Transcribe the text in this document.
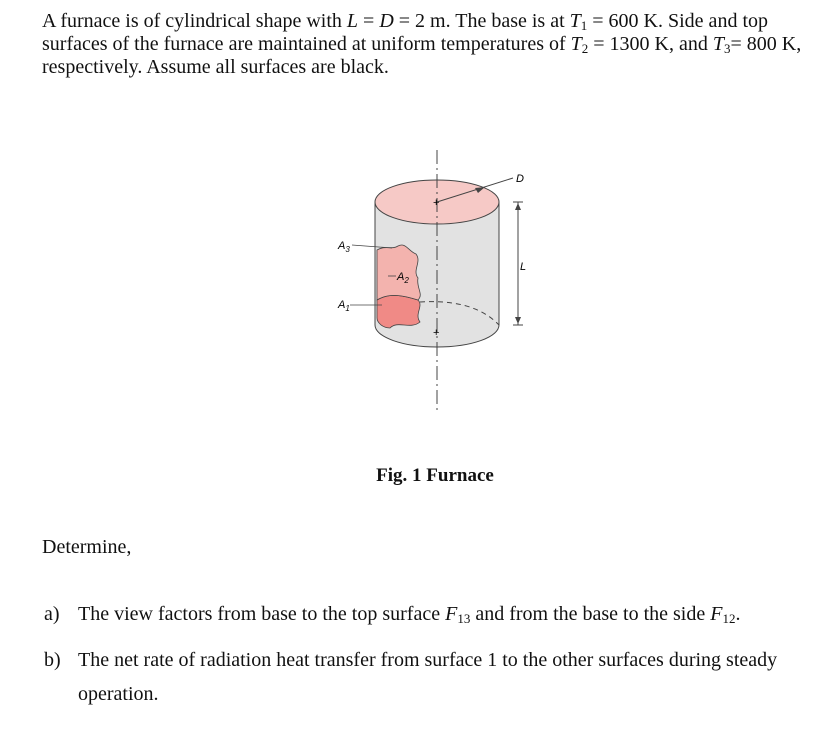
A furnace is of cylindrical shape with L = D = 2 m. The base is at $T_1 = 600$ K. Side and top
surfaces of the furnace are maintained at uniform temperatures of $T_2 = 1300$ K, and $T_3= 800$ K,
respectively. Assume all surfaces are black.
+
+
D
L
$A_3$
$A_2$
$A_1$
Fig. 1 Furnace
Determine,
a) The view factors from base to the top surface $F_{13}$ and from the base to the side $F_{12}$.
b) The net rate of radiation heat transfer from surface 1 to the other surfaces during steady
operation.
